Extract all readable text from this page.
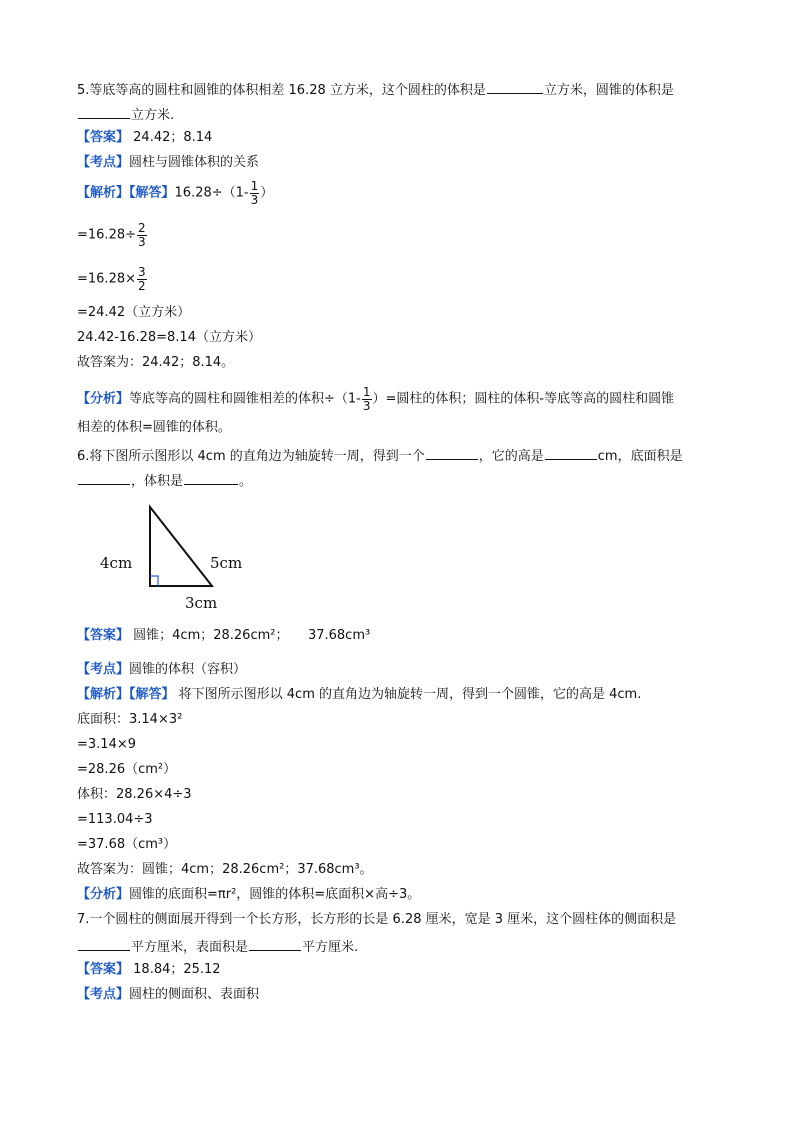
5.等底等高的圆柱和圆锥的体积相差 16.28 立方米，这个圆柱的体积是	立方米，圆锥的体积是
立方米.
【答案】 24.42；8.14
【考点】圆柱与圆锥体积的关系
【解析】【解答】$16.28\div(1- \frac{1}{3}$ ）
$=16.28\div \frac{2}{3}$
$=16.28\times \frac{3}{2}$
=24.42（立方米）
24.42-16.28=8.14（立方米）
故答案为：24.42；8.14。
【分析】等底等高的圆柱和圆锥相差的体积$\div(1- \frac{1}{3}$ ）=圆柱的体积；圆柱的体积-等底等高的圆柱和圆锥
相差的体积=圆锥的体积。
6.将下图所示图形以 4cm 的直角边为轴旋转一周，得到一个	，它的高是	cm，底面积是
，体积是	。
4cm	5cm
3cm
【答案】 圆锥；4cm；28.26cm²；　　37.68cm³
【考点】圆锥的体积（容积）
【解析】【解答】 将下图所示图形以 4cm 的直角边为轴旋转一周，得到一个圆锥，它的高是 4cm.
底面积：3.14×3²
=3.14×9
=28.26（cm²）
体积：28.26×4÷3
=113.04÷3
=37.68（cm³）
故答案为：圆锥；4cm；28.26cm²；37.68cm³。
【分析】圆锥的底面积=πr²，圆锥的体积=底面积×高÷3。
7.一个圆柱的侧面展开得到一个长方形，长方形的长是 6.28 厘米，宽是 3 厘米，这个圆柱体的侧面积是
平方厘米，表面积是	平方厘米.
【答案】 18.84；25.12
【考点】圆柱的侧面积、表面积
